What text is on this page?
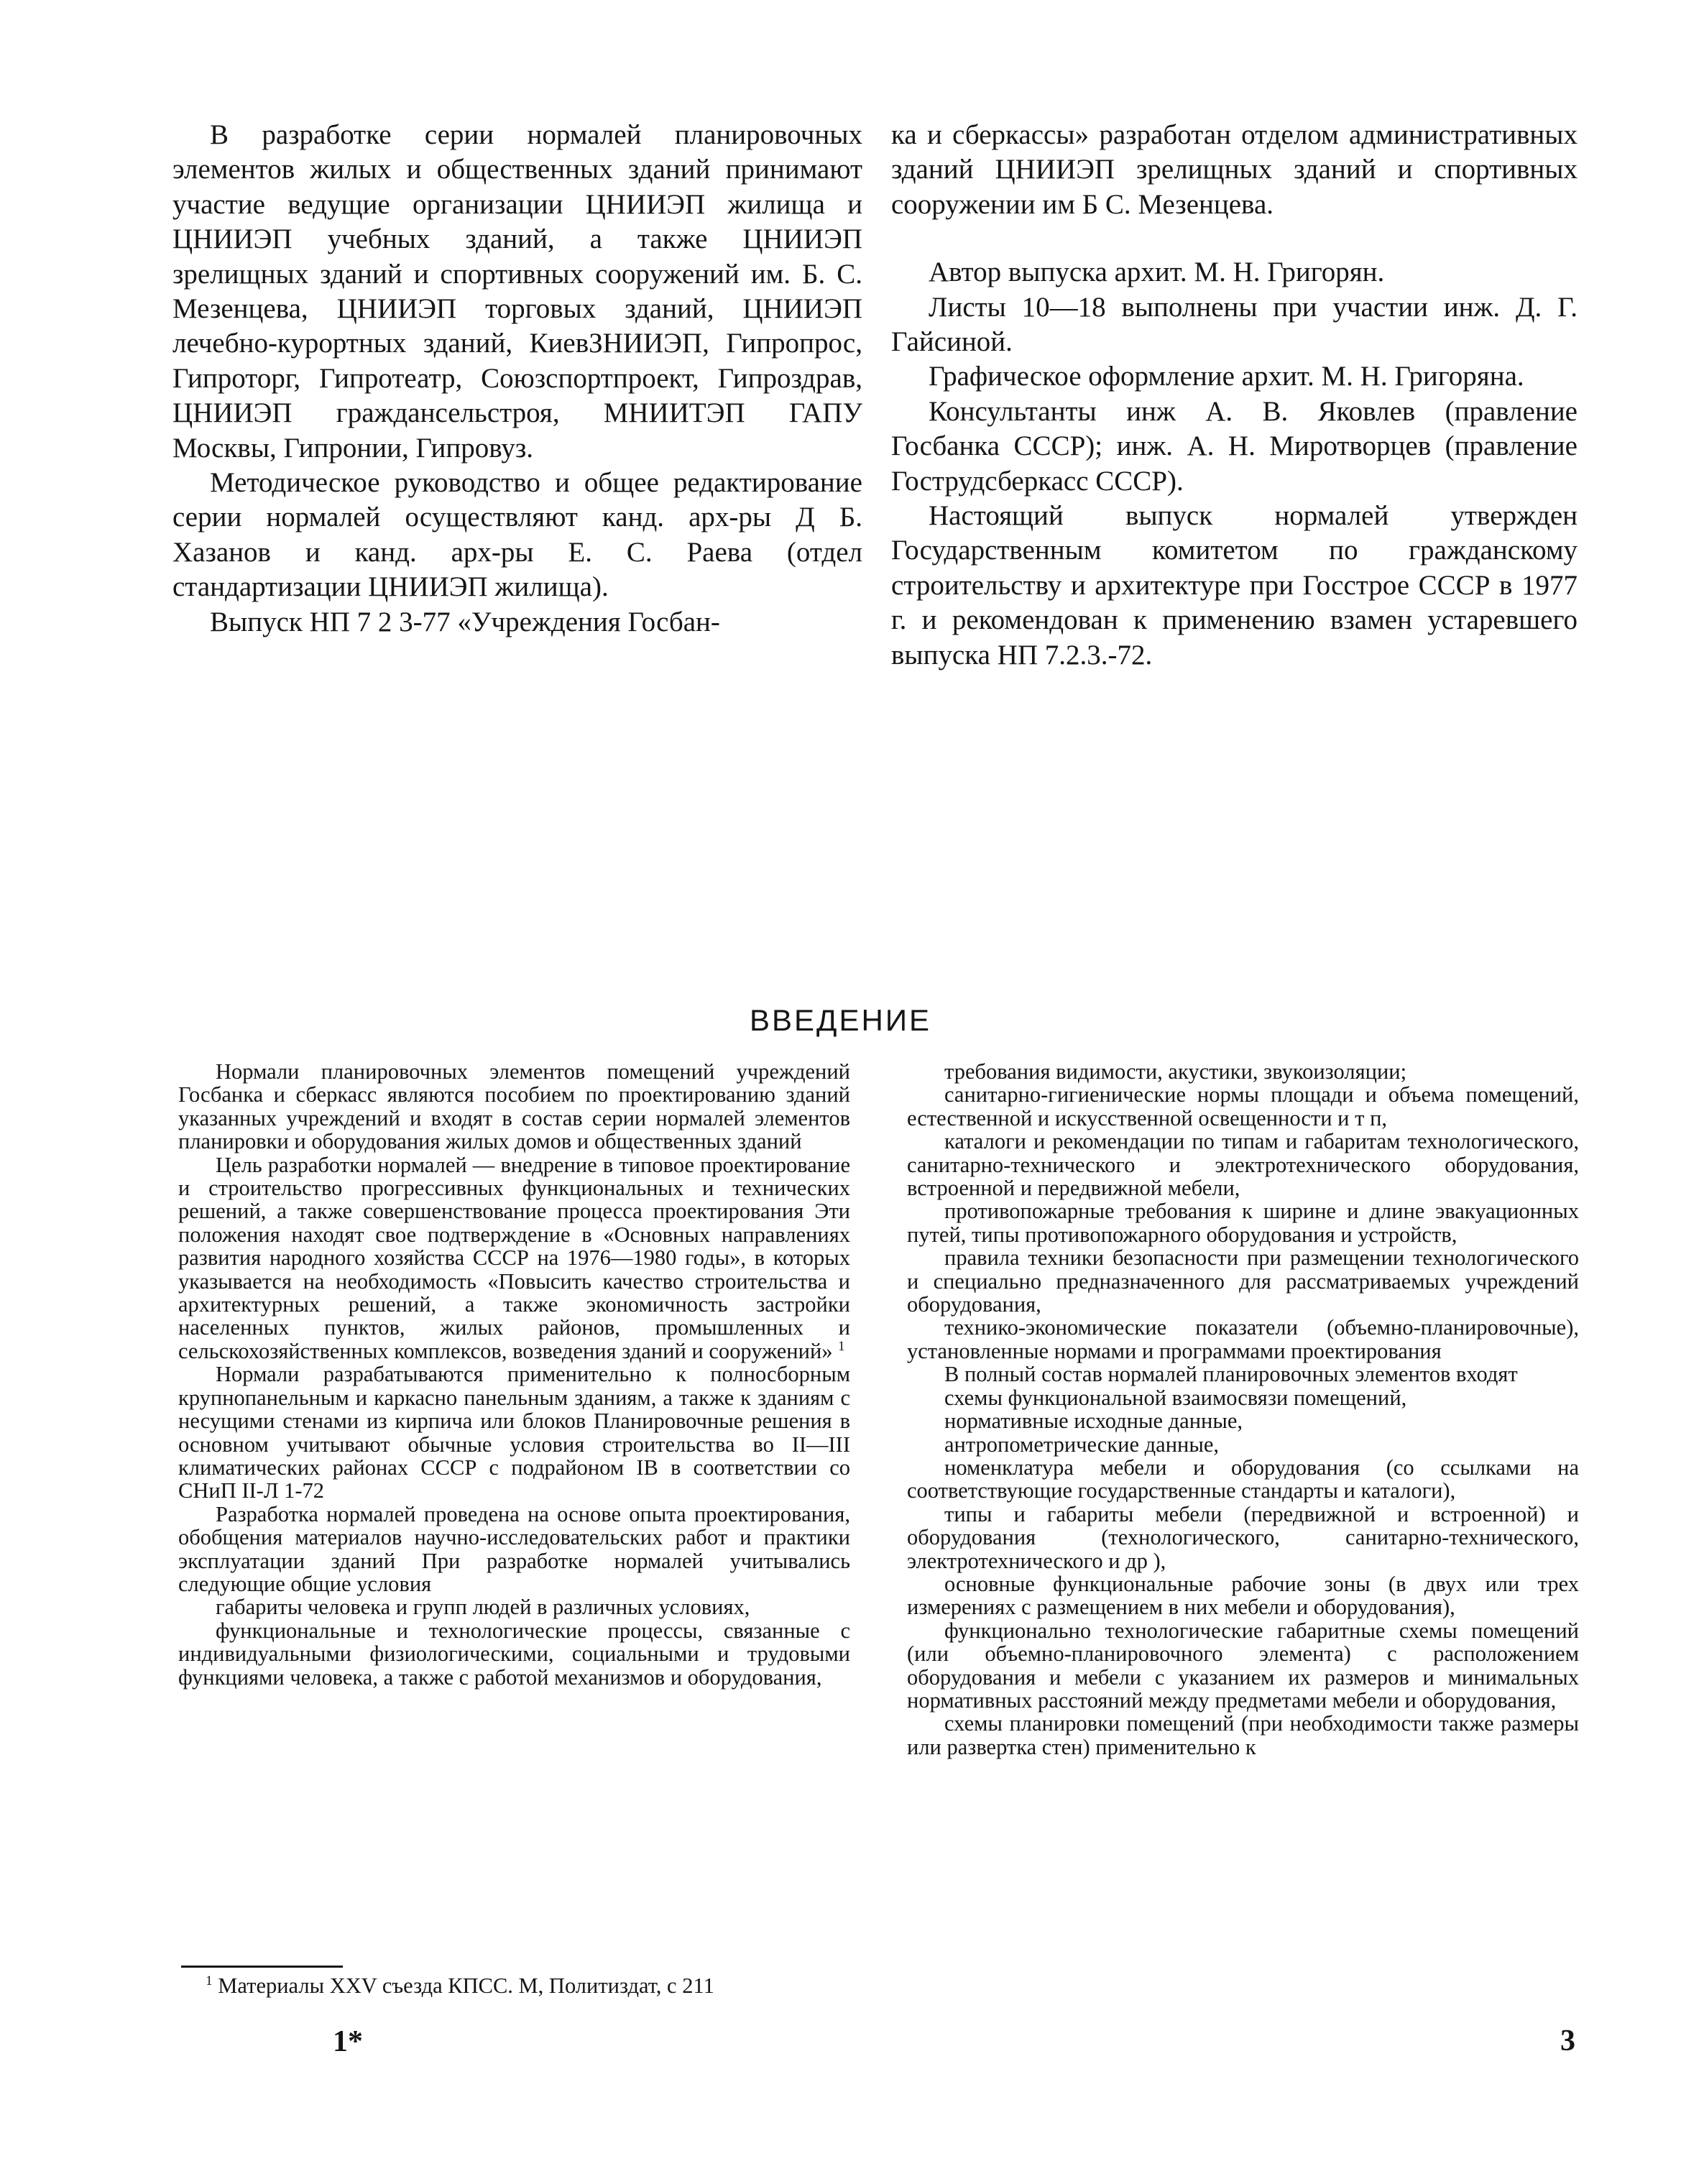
В разработке серии нормалей планировочных элементов жилых и общественных зданий принимают участие ведущие организации ЦНИИЭП жилища и ЦНИИЭП учебных зданий, а также ЦНИИЭП зрелищных зданий и спортивных сооружений им. Б. С. Мезенцева, ЦНИИЭП торговых зданий, ЦНИИЭП лечебно-курортных зданий, КиевЗНИИЭП, Гипропрос, Гипроторг, Гипротеатр, Союзспортпроект, Гипроздрав, ЦНИИЭП граждансельстроя, МНИИТЭП ГАПУ Москвы, Гипронии, Гипровуз.

Методическое руководство и общее редактирование серии нормалей осуществляют канд. арх-ры Д Б. Хазанов и канд. арх-ры Е. С. Раева (отдел стандартизации ЦНИИЭП жилища).

Выпуск НП 7 2 3-77 «Учреждения Госбан-

ка и сберкассы» разработан отделом административных зданий ЦНИИЭП зрелищных зданий и спортивных сооружении им Б С. Мезенцева.

Автор выпуска архит. М. Н. Григорян.

Листы 10—18 выполнены при участии инж. Д. Г. Гайсиной.

Графическое оформление архит. М. Н. Григоряна.

Консультанты инж А. В. Яковлев (правление Госбанка СССР); инж. А. Н. Миротворцев (правление Гострудсберкасс СССР).

Настоящий выпуск нормалей утвержден Государственным комитетом по гражданскому строительству и архитектуре при Госстрое СССР в 1977 г. и рекомендован к применению взамен устаревшего выпуска НП 7.2.3.-72.

ВВЕДЕНИЕ

Нормали планировочных элементов помещений учреждений Госбанка и сберкасс являются пособием по проектированию зданий указанных учреждений и входят в состав серии нормалей элементов планировки и оборудования жилых домов и общественных зданий

Цель разработки нормалей — внедрение в типовое проектирование и строительство прогрессивных функциональных и технических решений, а также совершенствование процесса проектирования Эти положения находят свое подтверждение в «Основных направлениях развития народного хозяйства СССР на 1976—1980 годы», в которых указывается на необходимость «Повысить качество строительства и архитектурных решений, а также экономичность застройки населенных пунктов, жилых районов, промышленных и сельскохозяйственных комплексов, возведения зданий и сооружений» $^1$

Нормали разрабатываются применительно к полносборным крупнопанельным и каркасно панельным зданиям, а также к зданиям с несущими стенами из кирпича или блоков Планировочные решения в основном учитывают обычные условия строительства во II—III климатических районах СССР с подрайоном IВ в соответствии со СНиП II-Л 1-72

Разработка нормалей проведена на основе опыта проектирования, обобщения материалов научно-исследовательских работ и практики эксплуатации зданий При разработке нормалей учитывались следующие общие условия

габариты человека и групп людей в различных условиях,

функциональные и технологические процессы, связанные с индивидуальными физиологическими, социальными и трудовыми функциями человека, а также с работой механизмов и оборудования,

требования видимости, акустики, звукоизоляции;

санитарно-гигиенические нормы площади и объема помещений, естественной и искусственной освещенности и т п,

каталоги и рекомендации по типам и габаритам технологического, санитарно-технического и электротехнического оборудования, встроенной и передвижной мебели,

противопожарные требования к ширине и длине эвакуационных путей, типы противопожарного оборудования и устройств,

правила техники безопасности при размещении технологического и специально предназначенного для рассматриваемых учреждений оборудования,

технико-экономические показатели (объемно-планировочные), установленные нормами и программами проектирования

В полный состав нормалей планировочных элементов входят

схемы функциональной взаимосвязи помещений,

нормативные исходные данные,

антропометрические данные,

номенклатура мебели и оборудования (со ссылками на соответствующие государственные стандарты и каталоги),

типы и габариты мебели (передвижной и встроенной) и оборудования (технологического, санитарно-технического, электротехнического и др ),

основные функциональные рабочие зоны (в двух или трех измерениях с размещением в них мебели и оборудования),

функционально технологические габаритные схемы помещений (или объемно-планировочного элемента) с расположением оборудования и мебели с указанием их размеров и минимальных нормативных расстояний между предметами мебели и оборудования,

схемы планировки помещений (при необходимости также размеры или развертка стен) применительно к

$^1$ Материалы XXV съезда КПСС. М, Политиздат, с 211

1*	3
